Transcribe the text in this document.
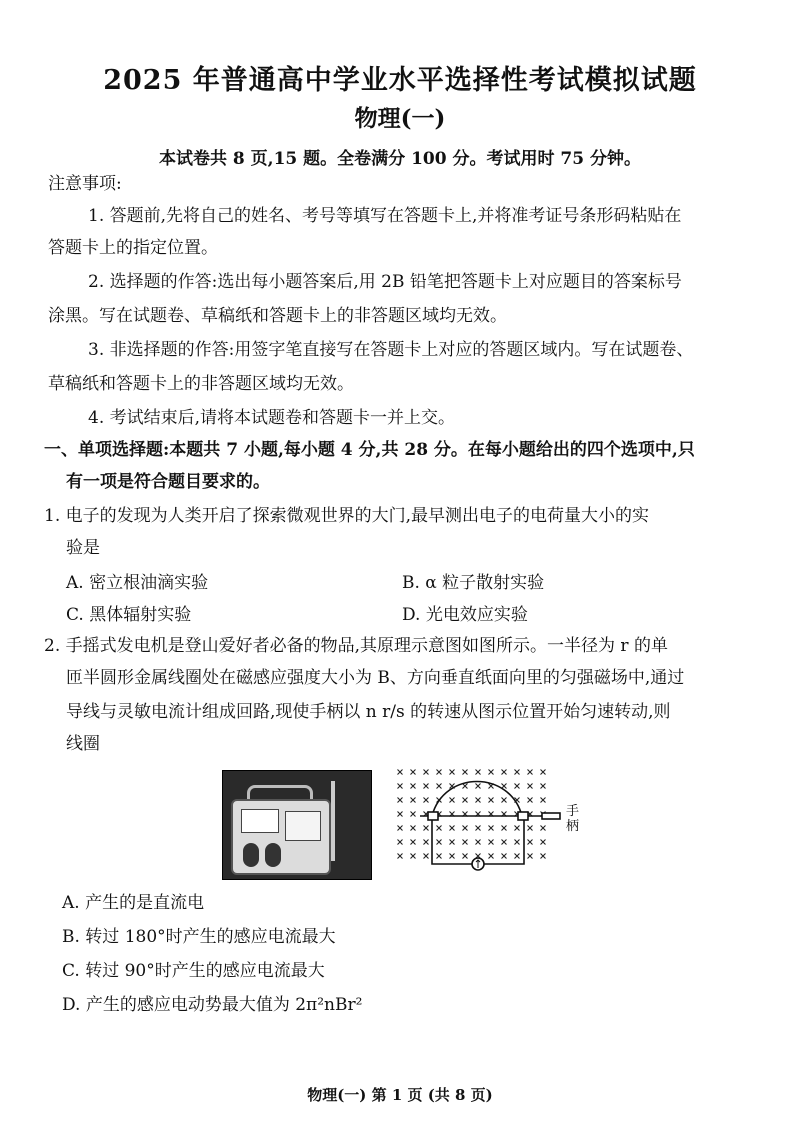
2025 年普通高中学业水平选择性考试模拟试题
物理(一)
本试卷共 8 页,15 题。全卷满分 100 分。考试用时 75 分钟。
注意事项:
1. 答题前,先将自己的姓名、考号等填写在答题卡上,并将准考证号条形码粘贴在
答题卡上的指定位置。
2. 选择题的作答:选出每小题答案后,用 2B 铅笔把答题卡上对应题目的答案标号
涂黑。写在试题卷、草稿纸和答题卡上的非答题区域均无效。
3. 非选择题的作答:用签字笔直接写在答题卡上对应的答题区域内。写在试题卷、
草稿纸和答题卡上的非答题区域均无效。
4. 考试结束后,请将本试题卷和答题卡一并上交。
一、单项选择题:本题共 7 小题,每小题 4 分,共 28 分。在每小题给出的四个选项中,只
有一项是符合题目要求的。
1. 电子的发现为人类开启了探索微观世界的大门,最早测出电子的电荷量大小的实
验是
A. 密立根油滴实验	B. α 粒子散射实验
C. 黑体辐射实验	D. 光电效应实验
2. 手摇式发电机是登山爱好者必备的物品,其原理示意图如图所示。一半径为 r 的单
匝半圆形金属线圈处在磁感应强度大小为 B、方向垂直纸面向里的匀强磁场中,通过
导线与灵敏电流计组成回路,现使手柄以 n r/s 的转速从图示位置开始匀速转动,则
线圈
手柄
A. 产生的是直流电
B. 转过 180°时产生的感应电流最大
C. 转过 90°时产生的感应电流最大
D. 产生的感应电动势最大值为 2π²nBr²
物理(一) 第 1 页 (共 8 页)
